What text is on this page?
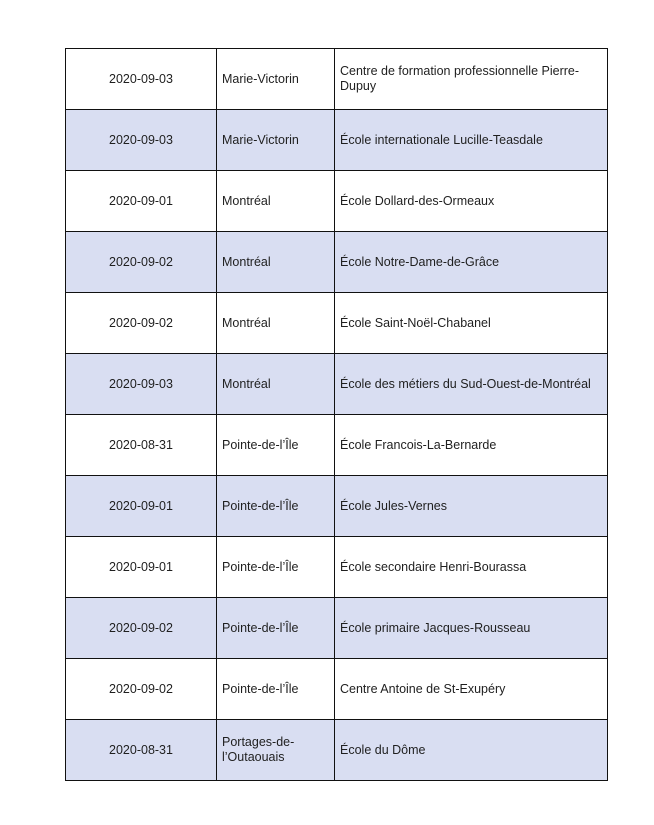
2020-09-03	Marie-Victorin	Centre de formation professionnelle Pierre-Dupuy
2020-09-03	Marie-Victorin	École internationale Lucille-Teasdale
2020-09-01	Montréal	École Dollard-des-Ormeaux
2020-09-02	Montréal	École Notre-Dame-de-Grâce
2020-09-02	Montréal	École Saint-Noël-Chabanel
2020-09-03	Montréal	École des métiers du Sud-Ouest-de-Montréal
2020-08-31	Pointe-de-l’Île	École Francois-La-Bernarde
2020-09-01	Pointe-de-l’Île	École Jules-Vernes
2020-09-01	Pointe-de-l’Île	École secondaire Henri-Bourassa
2020-09-02	Pointe-de-l’Île	École primaire Jacques-Rousseau
2020-09-02	Pointe-de-l’Île	Centre Antoine de St-Exupéry
2020-08-31	Portages-de-l’Outaouais	École du Dôme
